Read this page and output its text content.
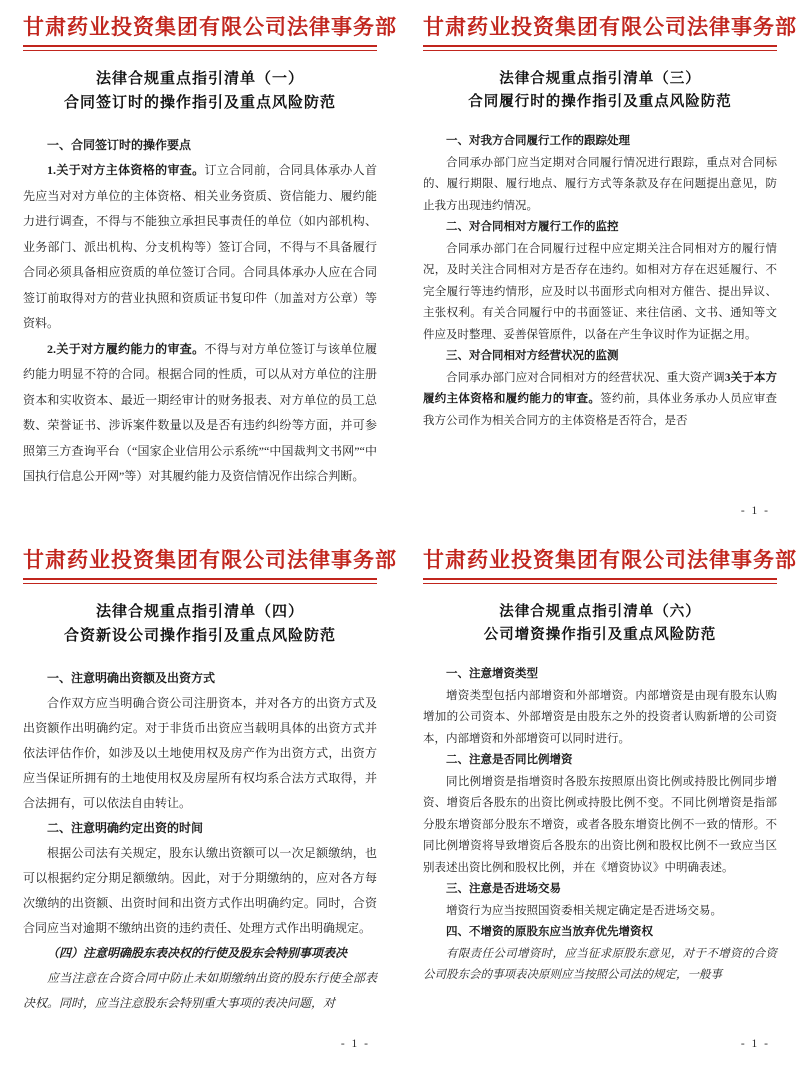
甘肃药业投资集团有限公司法律事务部
法律合规重点指引清单（一）
合同签订时的操作指引及重点风险防范

一、合同签订时的操作要点

1.关于对方主体资格的审查。订立合同前，合同具体承办人首先应当对对方单位的主体资格、相关业务资质、资信能力、履约能力进行调查，不得与不能独立承担民事责任的单位（如内部机构、业务部门、派出机构、分支机构等）签订合同，不得与不具备履行合同必须具备相应资质的单位签订合同。合同具体承办人应在合同签订前取得对方的营业执照和资质证书复印件（加盖对方公章）等资料。

2.关于对方履约能力的审查。不得与对方单位签订与该单位履约能力明显不符的合同。根据合同的性质，可以从对方单位的注册资本和实收资本、最近一期经审计的财务报表、对方单位的员工总数、荣誉证书、涉诉案件数量以及是否有违约纠纷等方面，并可参照第三方查询平台（“国家企业信用公示系统”“中国裁判文书网”“中国执行信息公开网”等）对其履约能力及资信情况作出综合判断。

甘肃药业投资集团有限公司法律事务部
法律合规重点指引清单（三）
合同履行时的操作指引及重点风险防范

一、对我方合同履行工作的跟踪处理

合同承办部门应当定期对合同履行情况进行跟踪，重点对合同标的、履行期限、履行地点、履行方式等条款及存在问题提出意见，防止我方出现违约情况。

二、对合同相对方履行工作的监控

合同承办部门在合同履行过程中应定期关注合同相对方的履行情况，及时关注合同相对方是否存在违约。如相对方存在迟延履行、不完全履行等违约情形，应及时以书面形式向相对方催告、提出异议、主张权利。有关合同履行中的书面签证、来往信函、文书、通知等文件应及时整理、妥善保管原件，以备在产生争议时作为证据之用。

三、对合同相对方经营状况的监测

合同承办部门应对合同相对方的经营状况、重大资产调3关于本方履约主体资格和履约能力的审查。签约前，具体业务承办人员应审查我方公司作为相关合同方的主体资格是否符合，是否

- 1 -
甘肃药业投资集团有限公司法律事务部
法律合规重点指引清单（四）
合资新设公司操作指引及重点风险防范

一、注意明确出资额及出资方式

合作双方应当明确合资公司注册资本，并对各方的出资方式及出资额作出明确约定。对于非货币出资应当载明具体的出资方式并依法评估作价，如涉及以土地使用权及房产作为出资方式，出资方应当保证所拥有的土地使用权及房屋所有权均系合法方式取得，并合法拥有，可以依法自由转让。

二、注意明确约定出资的时间

根据公司法有关规定，股东认缴出资额可以一次足额缴纳，也可以根据约定分期足额缴纳。因此，对于分期缴纳的，应对各方每次缴纳的出资额、出资时间和出资方式作出明确约定。同时，合资合同应当对逾期不缴纳出资的违约责任、处理方式作出明确规定。

（四）注意明确股东表决权的行使及股东会特别事项表决

应当注意在合资合同中防止未如期缴纳出资的股东行使全部表决权。同时，应当注意股东会特别重大事项的表决问题，对

- 1 -
甘肃药业投资集团有限公司法律事务部
法律合规重点指引清单（六）
公司增资操作指引及重点风险防范

一、注意增资类型

增资类型包括内部增资和外部增资。内部增资是由现有股东认购增加的公司资本、外部增资是由股东之外的投资者认购新增的公司资本，内部增资和外部增资可以同时进行。

二、注意是否同比例增资

同比例增资是指增资时各股东按照原出资比例或持股比例同步增资、增资后各股东的出资比例或持股比例不变。不同比例增资是指部分股东增资部分股东不增资，或者各股东增资比例不一致的情形。不同比例增资将导致增资后各股东的出资比例和股权比例不一致应当区别表述出资比例和股权比例，并在《增资协议》中明确表述。

三、注意是否进场交易

增资行为应当按照国资委相关规定确定是否进场交易。

四、不增资的原股东应当放弃优先增资权

有限责任公司增资时，应当征求原股东意见，对于不增资的合资公司股东会的事项表决原则应当按照公司法的规定，一般事

- 1 -
